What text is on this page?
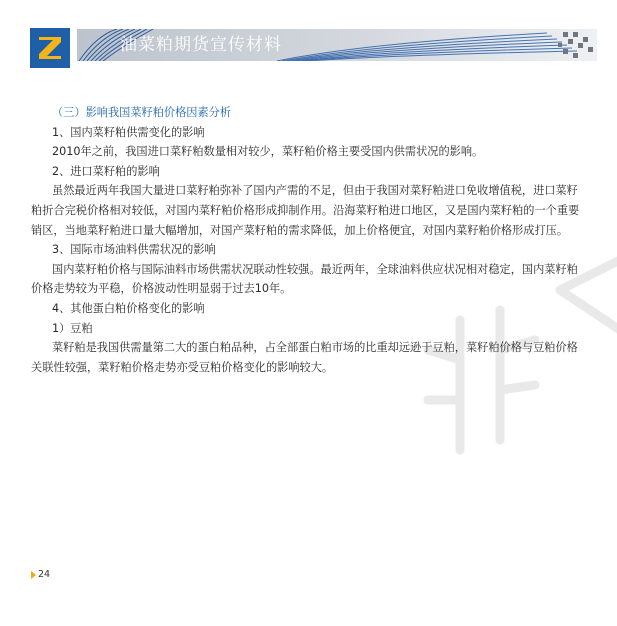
油菜粕期货宣传材料

（三）影响我国菜籽粕价格因素分析

1、国内菜籽粕供需变化的影响

2010年之前，我国进口菜籽粕数量相对较少，菜籽粕价格主要受国内供需状况的影响。

2、进口菜籽粕的影响

虽然最近两年我国大量进口菜籽粕弥补了国内产需的不足，但由于我国对菜籽粕进口免收增值税，进口菜籽粕折合完税价格相对较低，对国内菜籽粕价格形成抑制作用。沿海菜籽粕进口地区，又是国内菜籽粕的一个重要销区，当地菜籽粕进口量大幅增加，对国产菜籽粕的需求降低，加上价格便宜，对国内菜籽粕价格形成打压。

3、国际市场油料供需状况的影响

国内菜籽粕价格与国际油料市场供需状况联动性较强。最近两年，全球油料供应状况相对稳定，国内菜籽粕价格走势较为平稳，价格波动性明显弱于过去10年。

4、其他蛋白粕价格变化的影响

1）豆粕

菜籽粕是我国供需量第二大的蛋白粕品种，占全部蛋白粕市场的比重却远逊于豆粕，菜籽粕价格与豆粕价格关联性较强，菜籽粕价格走势亦受豆粕价格变化的影响较大。

24
